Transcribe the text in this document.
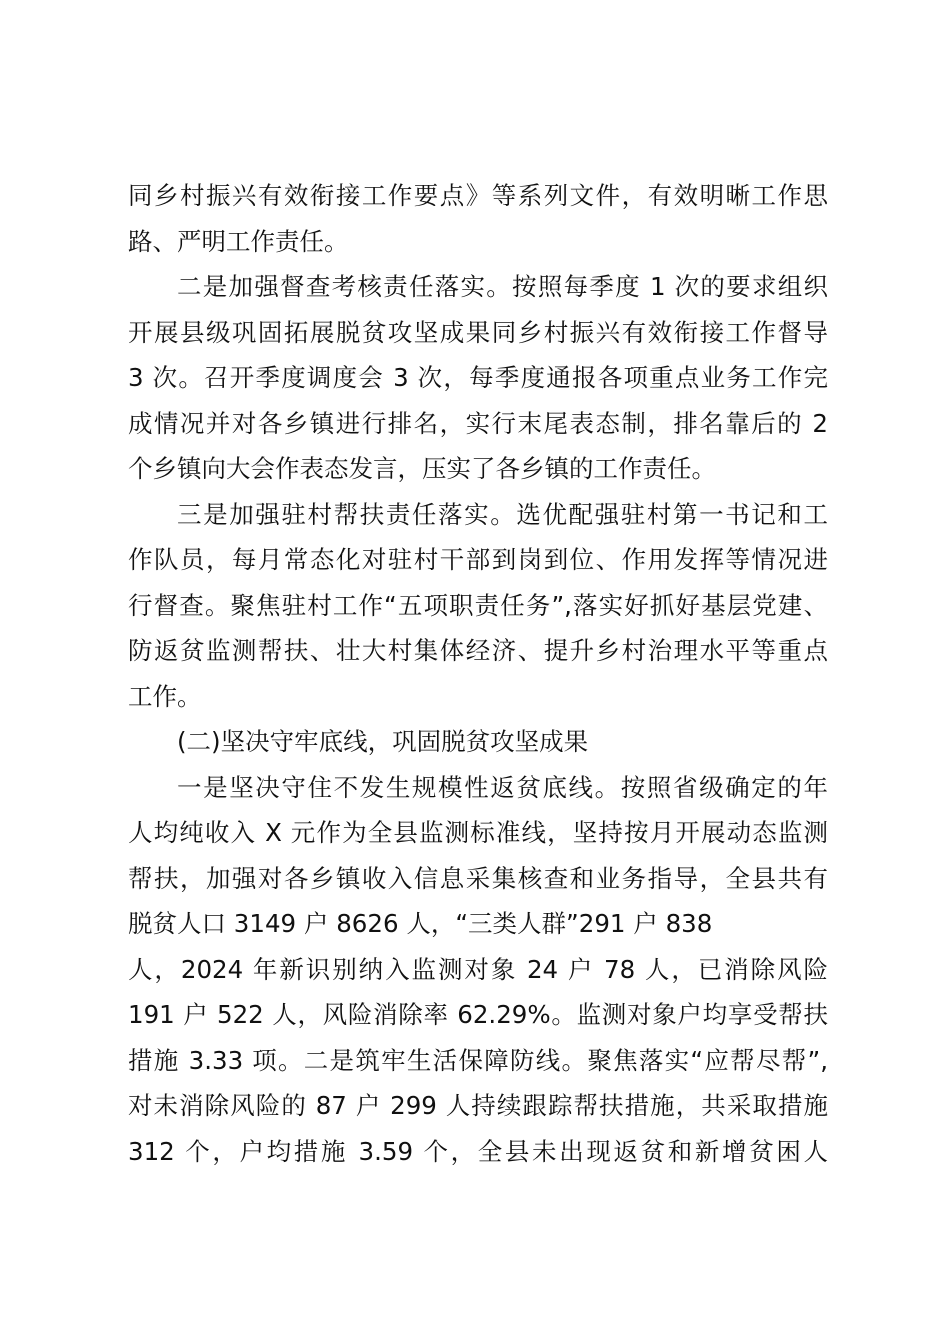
同乡村振兴有效衔接工作要点》等系列文件，有效明晰工作思
路、严明工作责任。
二是加强督查考核责任落实。按照每季度 1 次的要求组织
开展县级巩固拓展脱贫攻坚成果同乡村振兴有效衔接工作督导
3 次。召开季度调度会 3 次，每季度通报各项重点业务工作完
成情况并对各乡镇进行排名，实行末尾表态制，排名靠后的 2
个乡镇向大会作表态发言，压实了各乡镇的工作责任。
三是加强驻村帮扶责任落实。选优配强驻村第一书记和工
作队员，每月常态化对驻村干部到岗到位、作用发挥等情况进
行督查。聚焦驻村工作“五项职责任务”,落实好抓好基层党建、
防返贫监测帮扶、壮大村集体经济、提升乡村治理水平等重点
工作。
(二)坚决守牢底线，巩固脱贫攻坚成果
一是坚决守住不发生规模性返贫底线。按照省级确定的年
人均纯收入 X 元作为全县监测标准线，坚持按月开展动态监测
帮扶，加强对各乡镇收入信息采集核查和业务指导，全县共有
脱贫人口 3149 户 8626 人，“三类人群”291 户 838
人，2024 年新识别纳入监测对象 24 户 78 人，已消除风险
191 户 522 人，风险消除率 62.29%。监测对象户均享受帮扶
措施 3.33 项。二是筑牢生活保障防线。聚焦落实“应帮尽帮”,
对未消除风险的 87 户 299 人持续跟踪帮扶措施，共采取措施
312 个，户均措施 3.59 个，全县未出现返贫和新增贫困人
